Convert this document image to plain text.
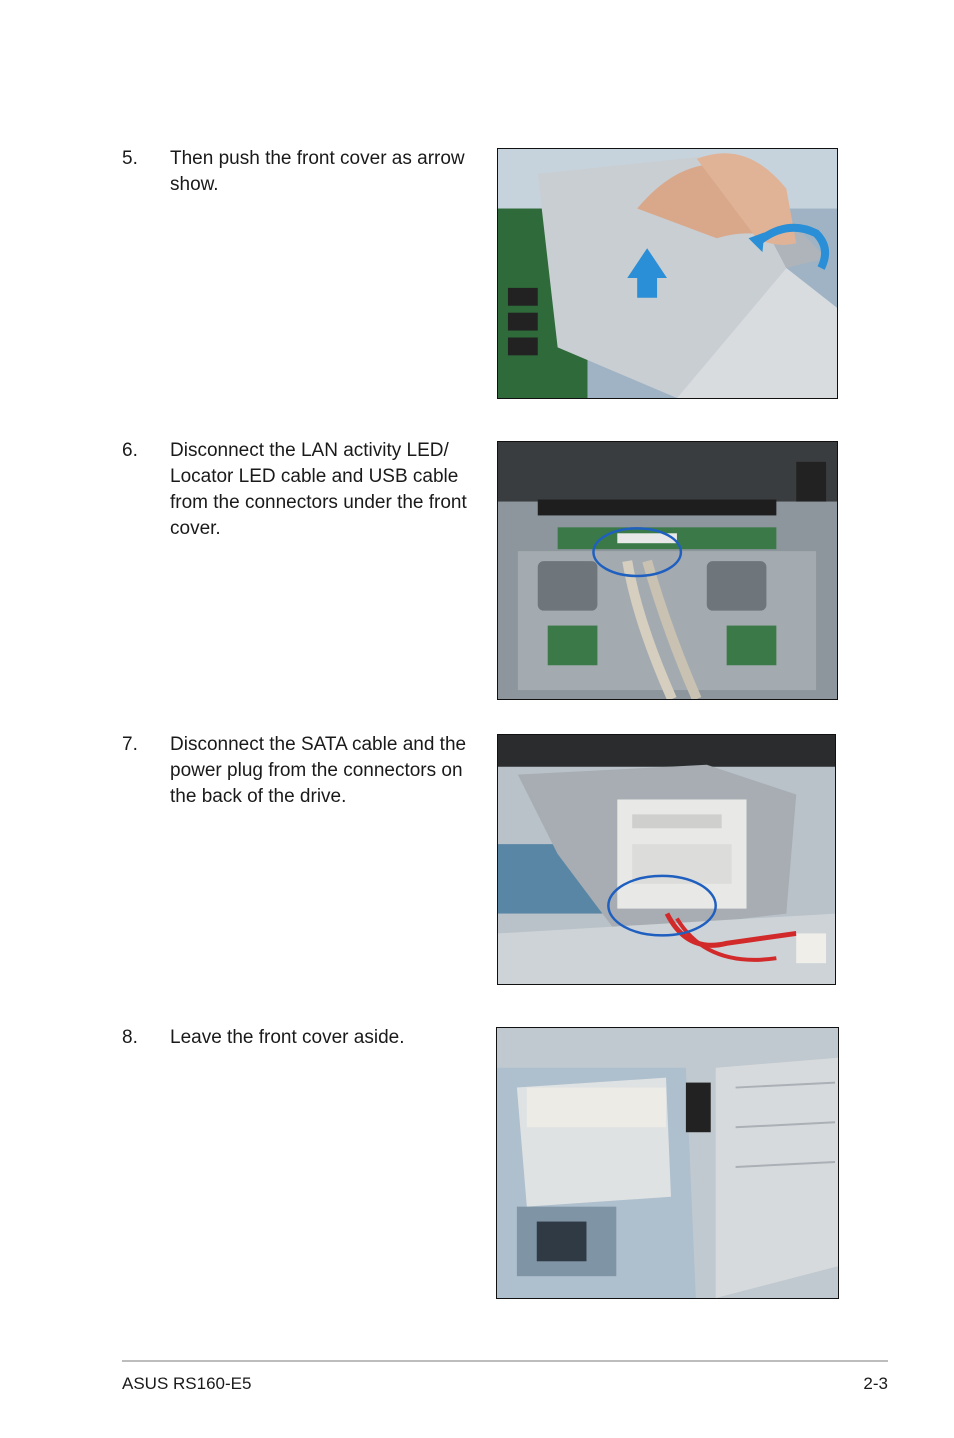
5. Then push the front cover as arrow
show.
6. Disconnect the LAN activity LED/
Locator LED cable and USB cable
from the connectors under the front
cover.
7. Disconnect the SATA cable and the
power plug from the connectors on
the back of the drive.
8. Leave the front cover aside.
ASUS RS160-E5	2-3
